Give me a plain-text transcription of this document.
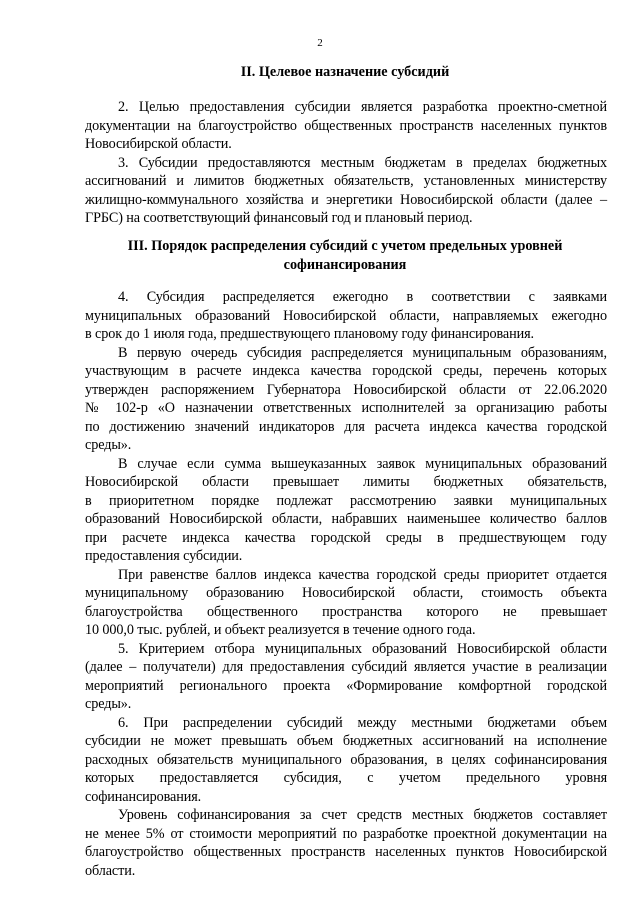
2
II. Целевое назначение субсидий
2. Целью предоставления субсидии является разработка проектно-сметной
документации на благоустройство общественных пространств населенных пунктов
Новосибирской области.
3. Субсидии предоставляются местным бюджетам в пределах бюджетных
ассигнований и лимитов бюджетных обязательств, установленных министерству
жилищно-коммунального хозяйства и энергетики Новосибирской области (далее –
ГРБС) на соответствующий финансовый год и плановый период.
III. Порядок распределения субсидий с учетом предельных уровней
софинансирования
4. Субсидия распределяется ежегодно в соответствии с заявками
муниципальных образований Новосибирской области, направляемых ежегодно
в срок до 1 июля года, предшествующего плановому году финансирования.
В первую очередь субсидия распределяется муниципальным образованиям,
участвующим в расчете индекса качества городской среды, перечень которых
утвержден распоряжением Губернатора Новосибирской области от 22.06.2020
№ 102-р «О назначении ответственных исполнителей за организацию работы
по достижению значений индикаторов для расчета индекса качества городской
среды».
В случае если сумма вышеуказанных заявок муниципальных образований
Новосибирской области превышает лимиты бюджетных обязательств,
в приоритетном порядке подлежат рассмотрению заявки муниципальных
образований Новосибирской области, набравших наименьшее количество баллов
при расчете индекса качества городской среды в предшествующем году
предоставления субсидии.
При равенстве баллов индекса качества городской среды приоритет отдается
муниципальному образованию Новосибирской области, стоимость объекта
благоустройства общественного пространства которого не превышает
10 000,0 тыс. рублей, и объект реализуется в течение одного года.
5. Критерием отбора муниципальных образований Новосибирской области
(далее – получатели) для предоставления субсидий является участие в реализации
мероприятий регионального проекта «Формирование комфортной городской
среды».
6. При распределении субсидий между местными бюджетами объем
субсидии не может превышать объем бюджетных ассигнований на исполнение
расходных обязательств муниципального образования, в целях софинансирования
которых предоставляется субсидия, с учетом предельного уровня
софинансирования.
Уровень софинансирования за счет средств местных бюджетов составляет
не менее 5% от стоимости мероприятий по разработке проектной документации на
благоустройство общественных пространств населенных пунктов Новосибирской
области.
